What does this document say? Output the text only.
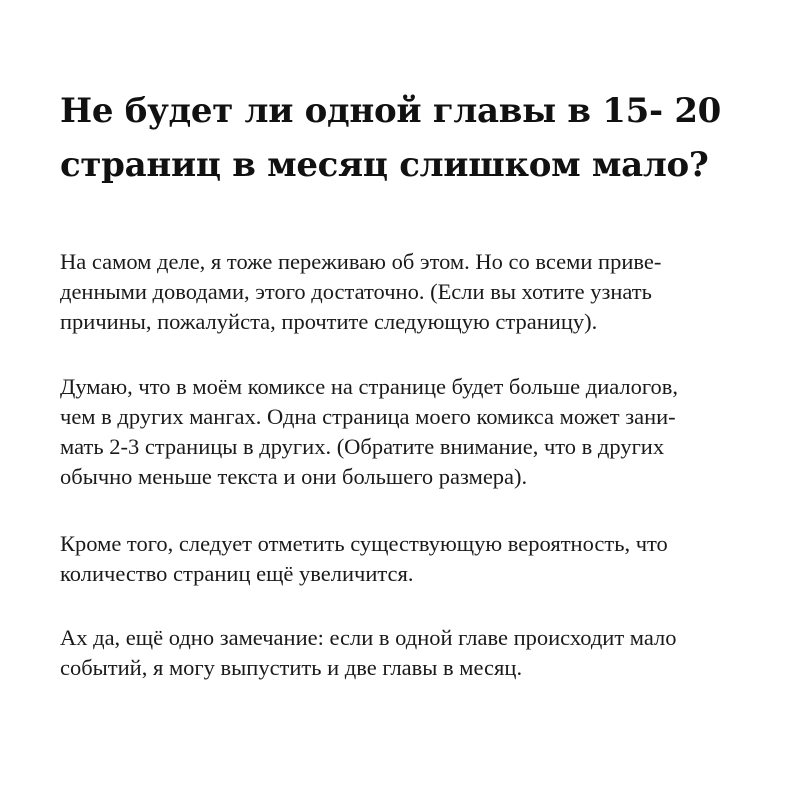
Не будет ли одной главы в 15- 20
страниц в месяц слишком мало?

На самом деле, я тоже переживаю об этом. Но со всеми приве-
денными доводами, этого достаточно. (Если вы хотите узнать
причины, пожалуйста, прочтите следующую страницу).

Думаю, что в моём комиксе на странице будет больше диалогов,
чем в других мангах. Одна страница моего комикса может зани-
мать 2-3 страницы в других. (Обратите внимание, что в других
обычно меньше текста и они большего размера).

Кроме того, следует отметить существующую вероятность, что
количество страниц ещё увеличится.

Ах да, ещё одно замечание: если в одной главе происходит мало
событий, я могу выпустить и две главы в месяц.
